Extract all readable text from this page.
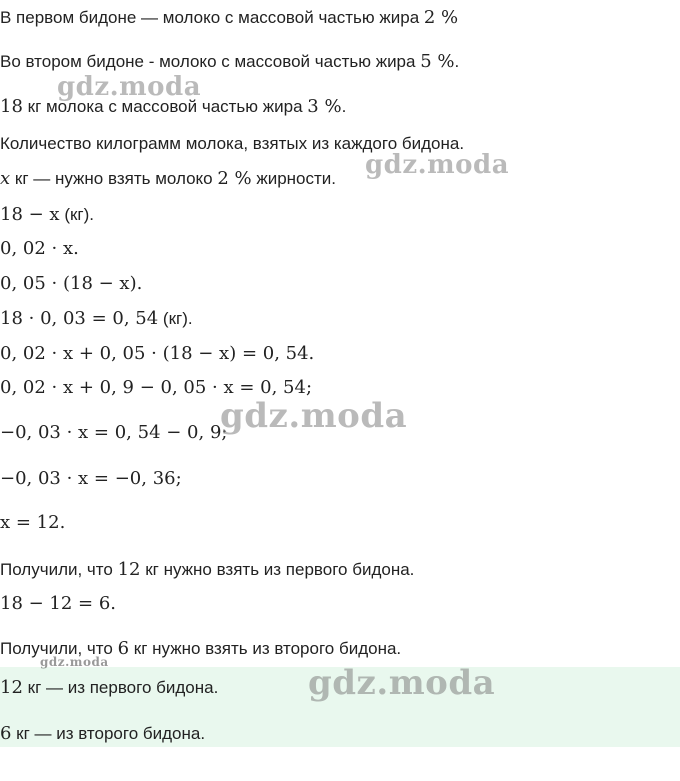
В первом бидоне — молоко с массовой частью жира 2 %
Во втором бидоне - молоко с массовой частью жира 5 %.
18 кг молока с массовой частью жира 3 %.
Количество килограмм молока, взятых из каждого бидона.
x кг — нужно взять молоко 2 % жирности.
18 − x (кг).
0, 02 · x.
0, 05 · (18 − x).
18 · 0, 03 = 0, 54 (кг).
0, 02 · x + 0, 05 · (18 − x) = 0, 54.
0, 02 · x + 0, 9 − 0, 05 · x = 0, 54;
−0, 03 · x = 0, 54 − 0, 9;
−0, 03 · x = −0, 36;
x = 12.
Получили, что 12 кг нужно взять из первого бидона.
18 − 12 = 6.
Получили, что 6 кг нужно взять из второго бидона.
12 кг — из первого бидона.
6 кг — из второго бидона.
gdz.moda
gdz.moda
gdz.moda
gdz.moda
gdz.moda
